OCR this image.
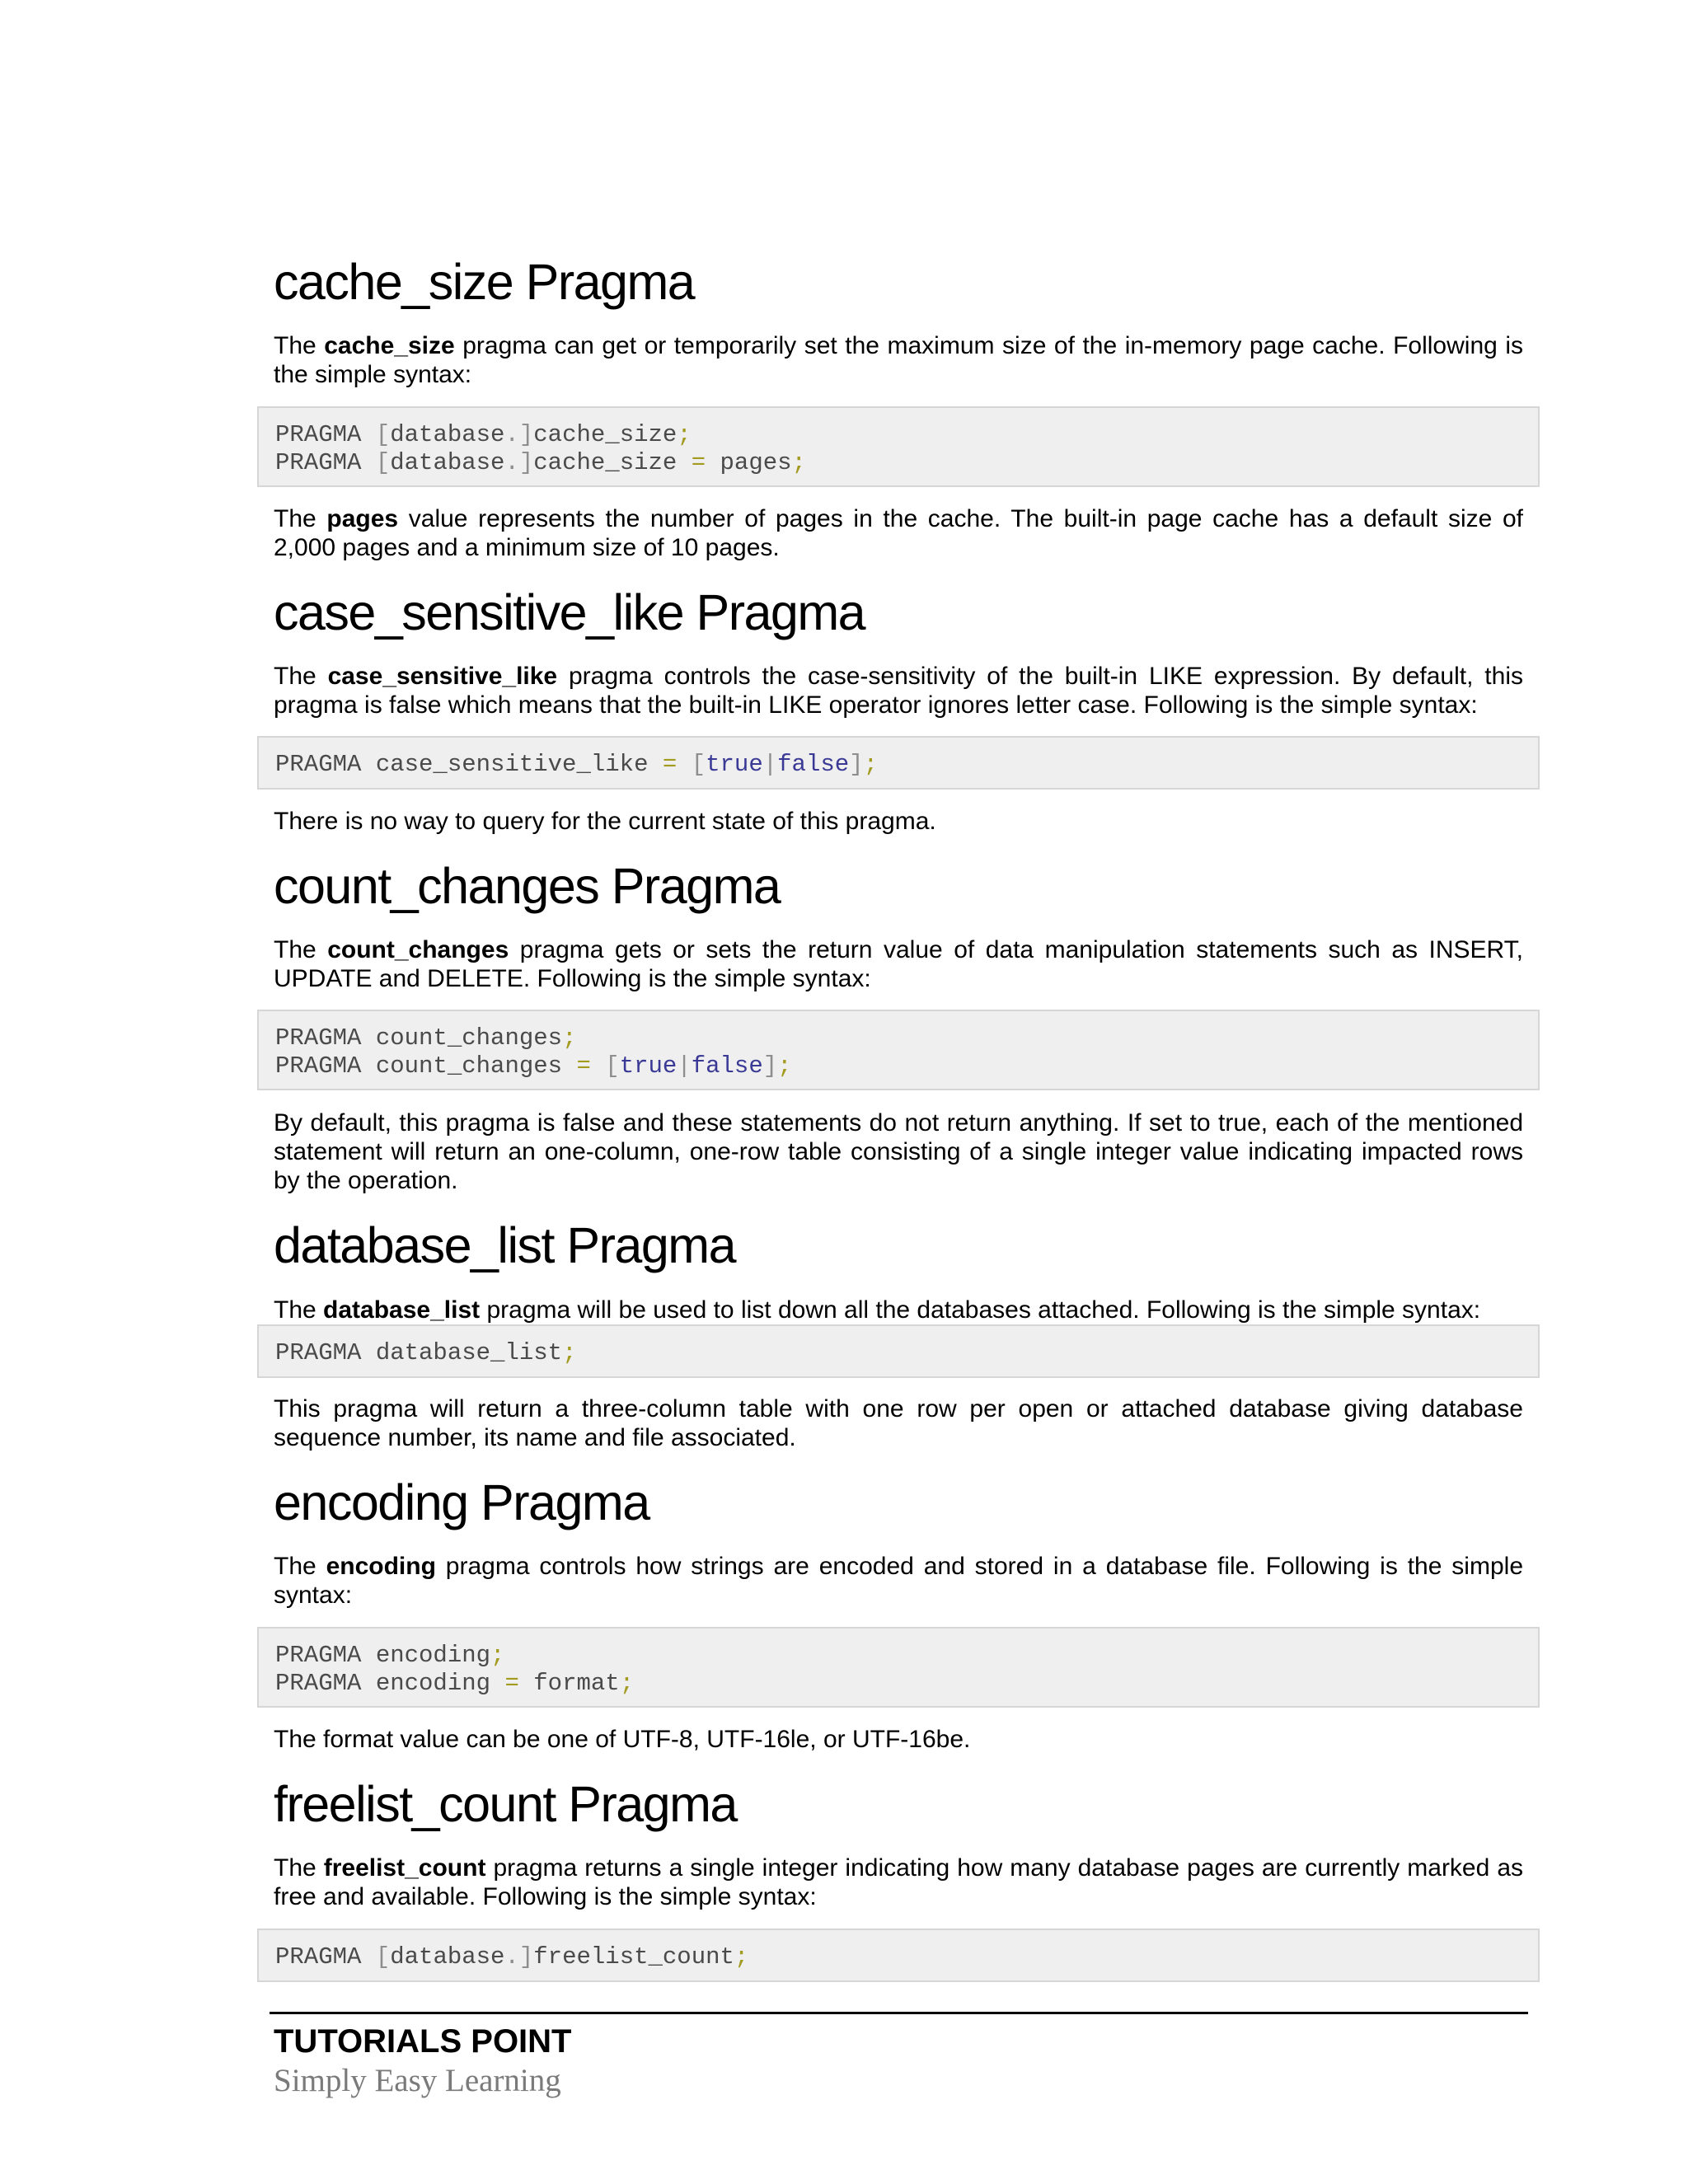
cache_size Pragma

The cache_size pragma can get or temporarily set the maximum size of the in-memory page cache. Following is the simple syntax:

PRAGMA [database.]cache_size;
PRAGMA [database.]cache_size = pages;

The pages value represents the number of pages in the cache. The built-in page cache has a default size of 2,000 pages and a minimum size of 10 pages.

case_sensitive_like Pragma

The case_sensitive_like pragma controls the case-sensitivity of the built-in LIKE expression. By default, this pragma is false which means that the built-in LIKE operator ignores letter case. Following is the simple syntax:

PRAGMA case_sensitive_like = [true|false];

There is no way to query for the current state of this pragma.

count_changes Pragma

The count_changes pragma gets or sets the return value of data manipulation statements such as INSERT, UPDATE and DELETE. Following is the simple syntax:

PRAGMA count_changes;
PRAGMA count_changes = [true|false];

By default, this pragma is false and these statements do not return anything. If set to true, each of the mentioned statement will return an one-column, one-row table consisting of a single integer value indicating impacted rows by the operation.

database_list Pragma

The database_list pragma will be used to list down all the databases attached. Following is the simple syntax:

PRAGMA database_list;

This pragma will return a three-column table with one row per open or attached database giving database sequence number, its name and file associated.

encoding Pragma

The encoding pragma controls how strings are encoded and stored in a database file. Following is the simple syntax:

PRAGMA encoding;
PRAGMA encoding = format;

The format value can be one of UTF-8, UTF-16le, or UTF-16be.

freelist_count Pragma

The freelist_count pragma returns a single integer indicating how many database pages are currently marked as free and available. Following is the simple syntax:

PRAGMA [database.]freelist_count;

TUTORIALS POINT

Simply Easy Learning
